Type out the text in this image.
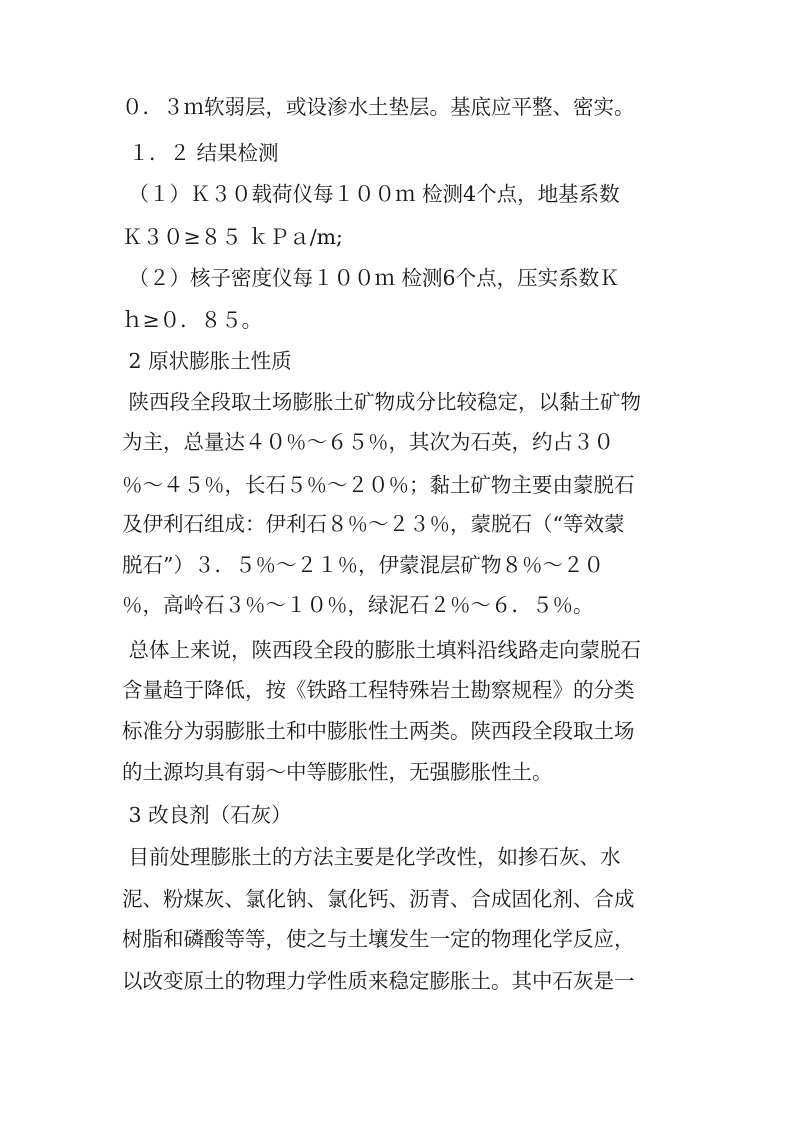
０．３ｍ软弱层，或设渗水土垫层。基底应平整、密实。
１．２ 结果检测
（１）Ｋ３０载荷仪每１００ｍ 检测4个点，地基系数
Ｋ３０≥８５ ｋＰａ/m;
（２）核子密度仪每１００ｍ 检测6个点，压实系数Ｋ
ｈ≥０．８５。
2 原状膨胀土性质
陕西段全段取土场膨胀土矿物成分比较稳定，以黏土矿物
为主，总量达４０％～６５％，其次为石英，约占３０
％～４５％，长石５％～２０％；黏土矿物主要由蒙脱石
及伊利石组成：伊利石８％～２３％，蒙脱石（“等效蒙
脱石”）３．５％～２１％，伊蒙混层矿物８％～２０
％，高岭石３％～１０％，绿泥石２％～６．５％。
总体上来说，陕西段全段的膨胀土填料沿线路走向蒙脱石
含量趋于降低，按《铁路工程特殊岩土勘察规程》的分类
标准分为弱膨胀土和中膨胀性土两类。陕西段全段取土场
的土源均具有弱～中等膨胀性，无强膨胀性土。
3 改良剂（石灰）
目前处理膨胀土的方法主要是化学改性，如掺石灰、水
泥、粉煤灰、氯化钠、氯化钙、沥青、合成固化剂、合成
树脂和磷酸等等，使之与土壤发生一定的物理化学反应，
以改变原土的物理力学性质来稳定膨胀土。其中石灰是一
